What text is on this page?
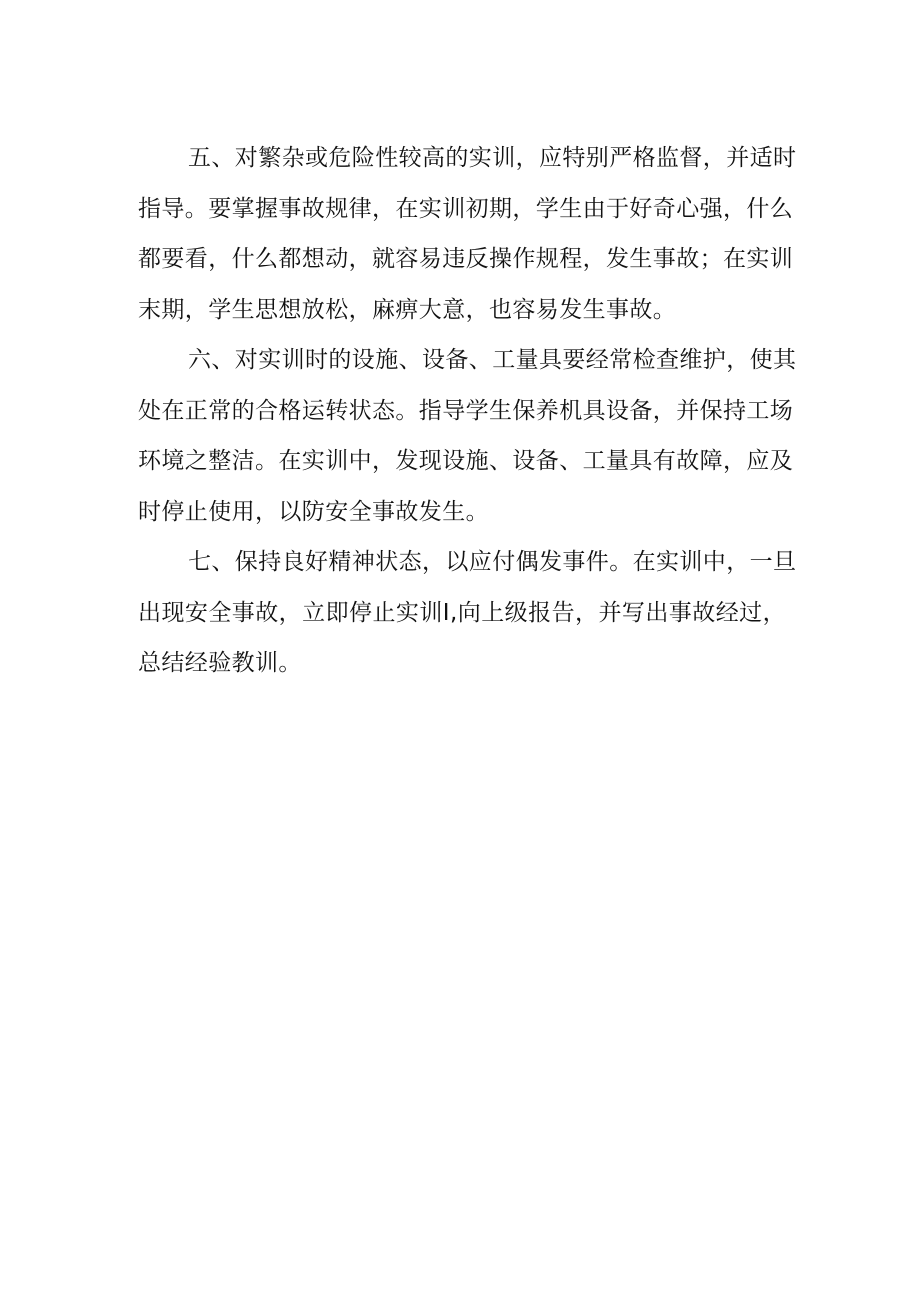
五、对繁杂或危险性较高的实训，应特别严格监督，并适时
指导。要掌握事故规律，在实训初期，学生由于好奇心强，什么
都要看，什么都想动，就容易违反操作规程，发生事故；在实训
末期，学生思想放松，麻痹大意，也容易发生事故。
六、对实训时的设施、设备、工量具要经常检查维护，使其
处在正常的合格运转状态。指导学生保养机具设备，并保持工场
环境之整洁。在实训中，发现设施、设备、工量具有故障，应及
时停止使用，以防安全事故发生。
七、保持良好精神状态，以应付偶发事件。在实训中，一旦
出现安全事故，立即停止实训Ⅰ,向上级报告，并写出事故经过，
总结经验教训。
